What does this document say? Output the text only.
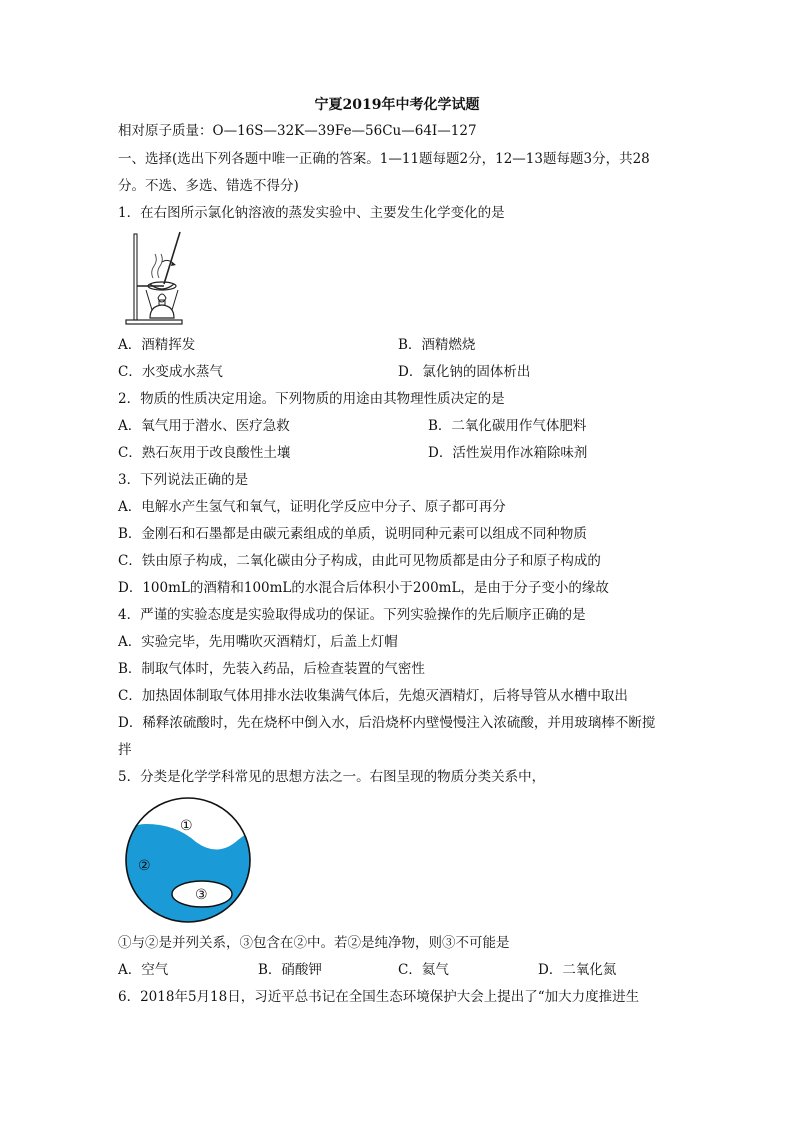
宁夏2019年中考化学试题
相对原子质量：O—16S—32K—39Fe—56Cu—64I—127
一、选择(选出下列各题中唯一正确的答案。1—11题每题2分，12—13题每题3分，共28
分。不选、多选、错选不得分)
1．在右图所示氯化钠溶液的蒸发实验中、主要发生化学变化的是
A．酒精挥发	B．酒精燃烧
C．水变成水蒸气	D．氯化钠的固体析出
2．物质的性质决定用途。下列物质的用途由其物理性质决定的是
A．氧气用于潜水、医疗急救	B．二氧化碳用作气体肥料
C．熟石灰用于改良酸性土壤	D．活性炭用作冰箱除味剂
3．下列说法正确的是
A．电解水产生氢气和氧气，证明化学反应中分子、原子都可再分
B．金刚石和石墨都是由碳元素组成的单质，说明同种元素可以组成不同种物质
C．铁由原子构成，二氧化碳由分子构成，由此可见物质都是由分子和原子构成的
D．100mL的酒精和100mL的水混合后体积小于200mL，是由于分子变小的缘故
4．严谨的实验态度是实验取得成功的保证。下列实验操作的先后顺序正确的是
A．实验完毕，先用嘴吹灭酒精灯，后盖上灯帽
B．制取气体时，先装入药品，后检查装置的气密性
C．加热固体制取气体用排水法收集满气体后，先熄灭酒精灯，后将导管从水槽中取出
D．稀释浓硫酸时，先在烧杯中倒入水，后沿烧杯内壁慢慢注入浓硫酸，并用玻璃棒不断搅
拌
5．分类是化学学科常见的思想方法之一。右图呈现的物质分类关系中，
①
②
③
①与②是并列关系，③包含在②中。若②是纯净物，则③不可能是
A．空气	B．硝酸钾	C．氦气	D．二氧化氮
6．2018年5月18日，习近平总书记在全国生态环境保护大会上提出了“加大力度推进生
